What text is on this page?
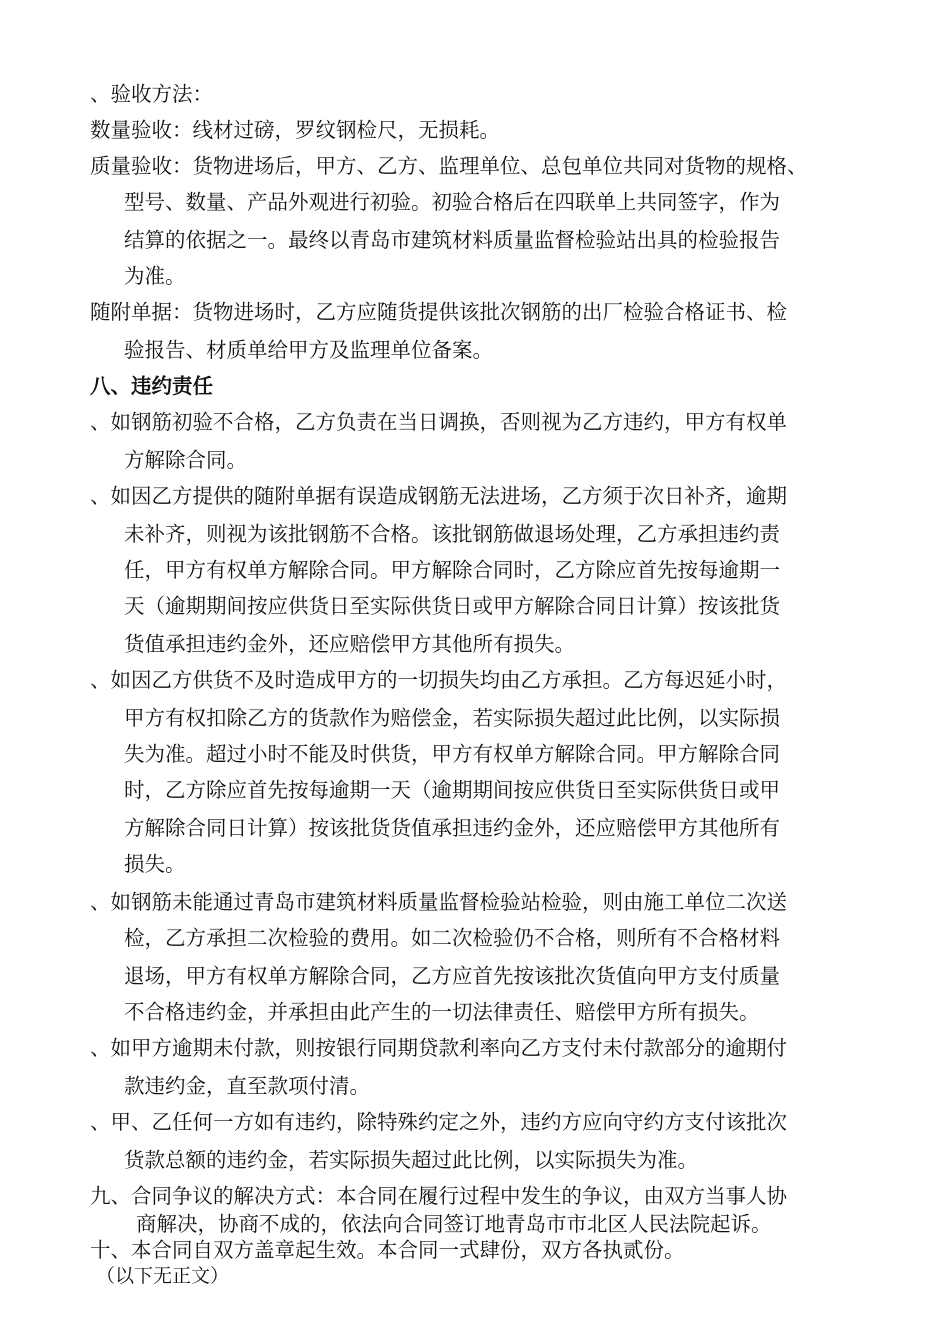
、验收方法：
数量验收：线材过磅，罗纹钢检尺，无损耗。
质量验收：货物进场后，甲方、乙方、监理单位、总包单位共同对货物的规格、
型号、数量、产品外观进行初验。初验合格后在四联单上共同签字，作为
结算的依据之一。最终以青岛市建筑材料质量监督检验站出具的检验报告
为准。
随附单据：货物进场时，乙方应随货提供该批次钢筋的出厂检验合格证书、检
验报告、材质单给甲方及监理单位备案。
八、违约责任
、如钢筋初验不合格，乙方负责在当日调换，否则视为乙方违约，甲方有权单
方解除合同。
、如因乙方提供的随附单据有误造成钢筋无法进场，乙方须于次日补齐，逾期
未补齐，则视为该批钢筋不合格。该批钢筋做退场处理，乙方承担违约责
任，甲方有权单方解除合同。甲方解除合同时，乙方除应首先按每逾期一
天（逾期期间按应供货日至实际供货日或甲方解除合同日计算）按该批货
货值承担违约金外，还应赔偿甲方其他所有损失。
、如因乙方供货不及时造成甲方的一切损失均由乙方承担。乙方每迟延小时，
甲方有权扣除乙方的货款作为赔偿金，若实际损失超过此比例，以实际损
失为准。超过小时不能及时供货，甲方有权单方解除合同。甲方解除合同
时，乙方除应首先按每逾期一天（逾期期间按应供货日至实际供货日或甲
方解除合同日计算）按该批货货值承担违约金外，还应赔偿甲方其他所有
损失。
、如钢筋未能通过青岛市建筑材料质量监督检验站检验，则由施工单位二次送
检，乙方承担二次检验的费用。如二次检验仍不合格，则所有不合格材料
退场，甲方有权单方解除合同，乙方应首先按该批次货值向甲方支付质量
不合格违约金，并承担由此产生的一切法律责任、赔偿甲方所有损失。
、如甲方逾期未付款，则按银行同期贷款利率向乙方支付未付款部分的逾期付
款违约金，直至款项付清。
、甲、乙任何一方如有违约，除特殊约定之外，违约方应向守约方支付该批次
货款总额的违约金，若实际损失超过此比例，以实际损失为准。
九、合同争议的解决方式：本合同在履行过程中发生的争议，由双方当事人协
商解决，协商不成的，依法向合同签订地青岛市市北区人民法院起诉。
十、本合同自双方盖章起生效。本合同一式肆份，双方各执贰份。
（以下无正文）
